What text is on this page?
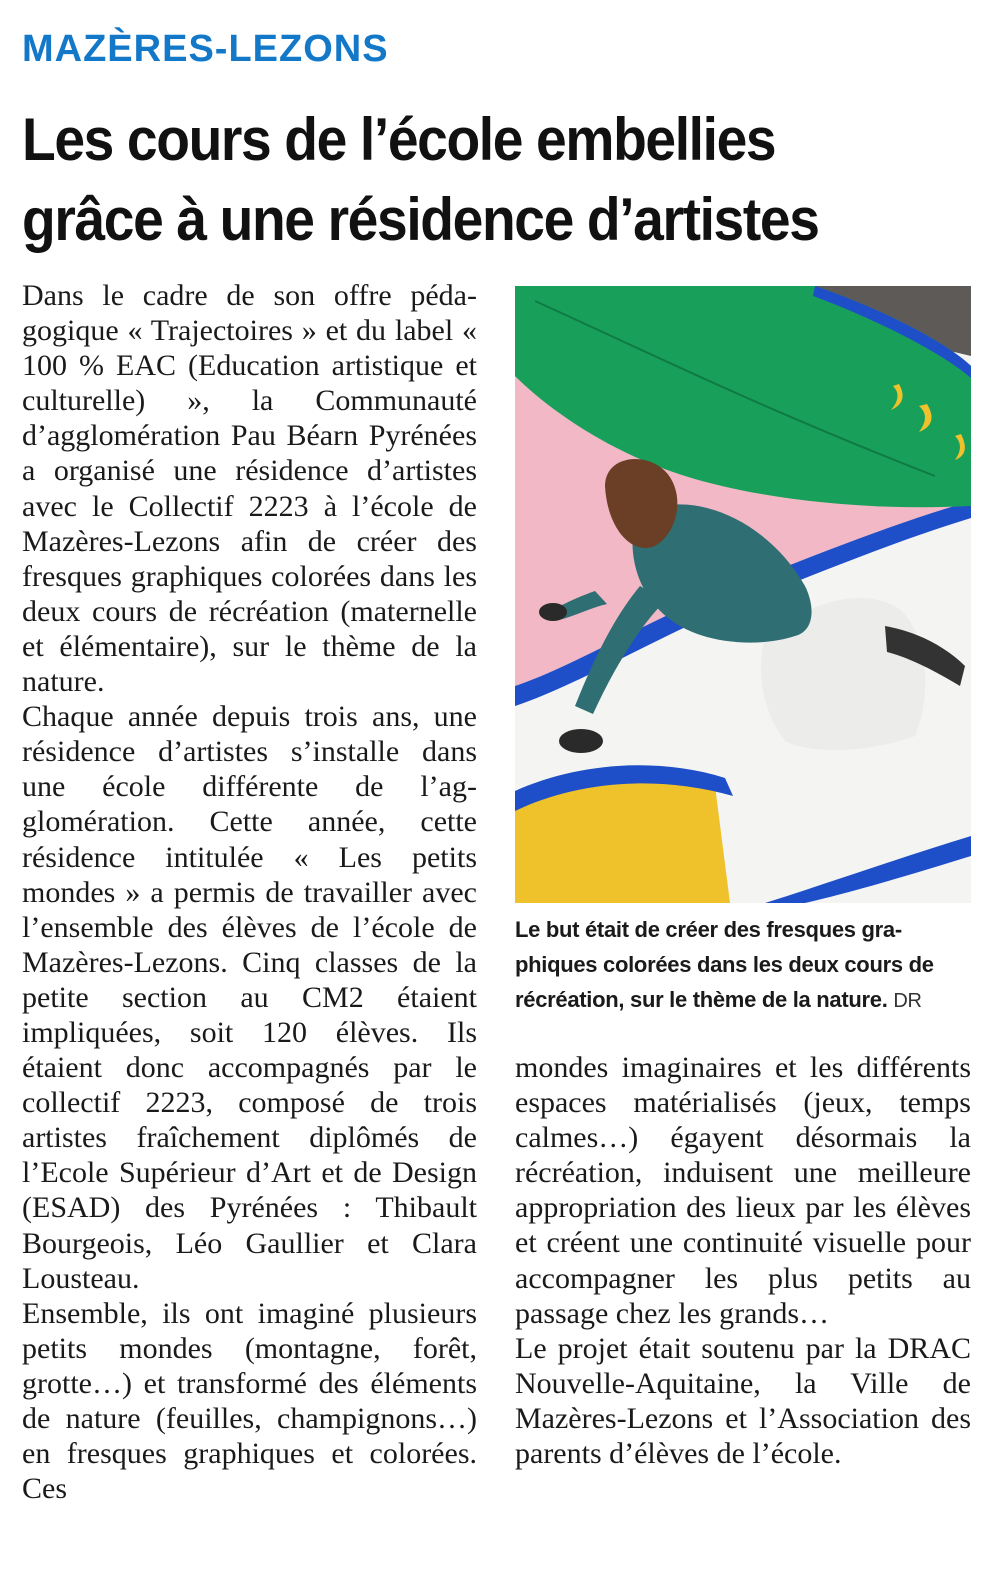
MAZÈRES-LEZONS
Les cours de l’école embellies
grâce à une résidence d’artistes

Dans le cadre de son offre pédagogique « Trajectoires » et du label « 100 % EAC (Education artistique et culturelle) », la Communauté d’agglomération Pau Béarn Pyrénées a organisé une résidence d’artistes avec le Collectif 2223 à l’école de Mazères-Lezons afin de créer des fresques graphiques colorées dans les deux cours de récréation (maternelle et élémentaire), sur le thème de la nature.

Chaque année depuis trois ans, une résidence d’artistes s’installe dans une école différente de l’agglomération. Cette année, cette résidence intitulée « Les petits mondes » a permis de travailler avec l’ensemble des élèves de l’école de Mazères-Lezons. Cinq classes de la petite section au CM2 étaient impliquées, soit 120 élèves. Ils étaient donc accompagnés par le collectif 2223, composé de trois artistes fraîchement diplômés de l’Ecole Supérieur d’Art et de Design (ESAD) des Pyrénées : Thibault Bourgeois, Léo Gaullier et Clara Lousteau.

Ensemble, ils ont imaginé plusieurs petits mondes (montagne, forêt, grotte…) et transformé des éléments de nature (feuilles, champignons…) en fresques graphiques et colorées. Ces

Le but était de créer des fresques graphiques colorées dans les deux cours de récréation, sur le thème de la nature. DR

mondes imaginaires et les différents espaces matérialisés (jeux, temps calmes…) égayent désormais la récréation, induisent une meilleure appropriation des lieux par les élèves et créent une continuité visuelle pour accompagner les plus petits au passage chez les grands…

Le projet était soutenu par la DRAC Nouvelle-Aquitaine, la Ville de Mazères-Lezons et l’Association des parents d’élèves de l’école.
